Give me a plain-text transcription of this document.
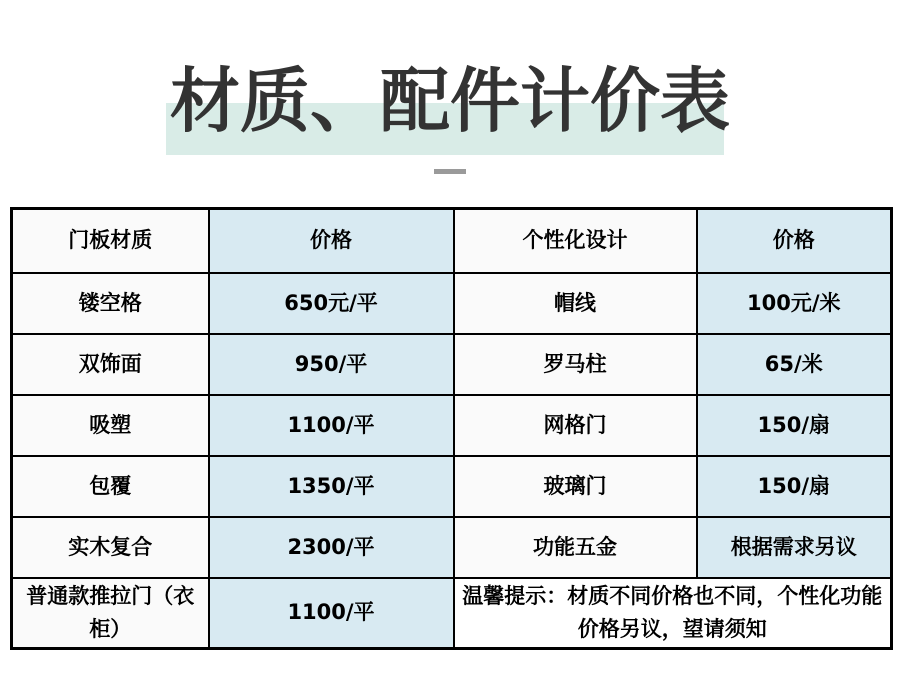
材质、配件计价表
门板材质	价格	个性化设计	价格
镂空格	650元/平	帽线	100元/米
双饰面	950/平	罗马柱	65/米
吸塑	1100/平	网格门	150/扇
包覆	1350/平	玻璃门	150/扇
实木复合	2300/平	功能五金	根据需求另议
普通款推拉门（衣柜）	1100/平	温馨提示：材质不同价格也不同，个性化功能价格另议，望请须知	
